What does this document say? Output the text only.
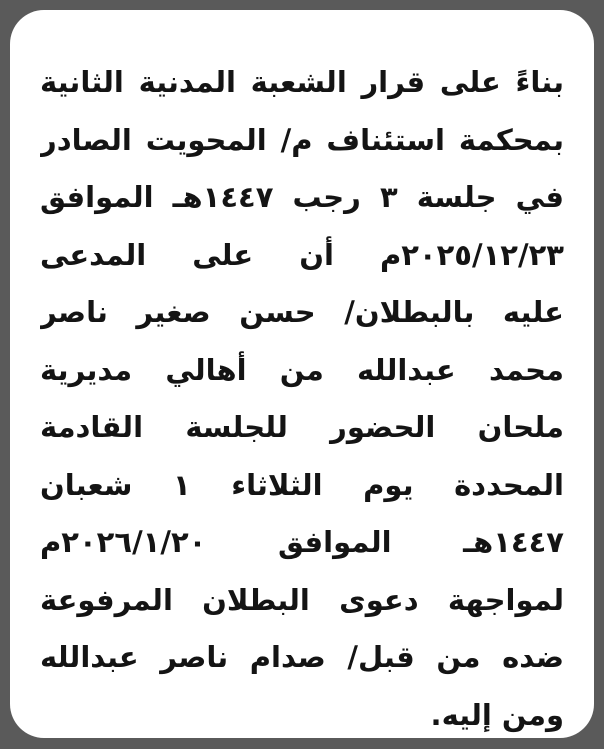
بناءً على قرار الشعبة المدنية الثانية
بمحكمة استئناف م/ المحويت الصادر
في جلسة ٣ رجب ١٤٤٧هـ الموافق
٢٠٢٥/١٢/٢٣م أن على المدعى
عليه بالبطلان/ حسن صغير ناصر
محمد عبدالله من أهالي مديرية
ملحان الحضور للجلسة القادمة
المحددة يوم الثلاثاء ١ شعبان
١٤٤٧هـ الموافق ٢٠٢٦/١/٢٠م
لمواجهة دعوى البطلان المرفوعة
ضده من قبل/ صدام ناصر عبدالله
ومن إليه.
